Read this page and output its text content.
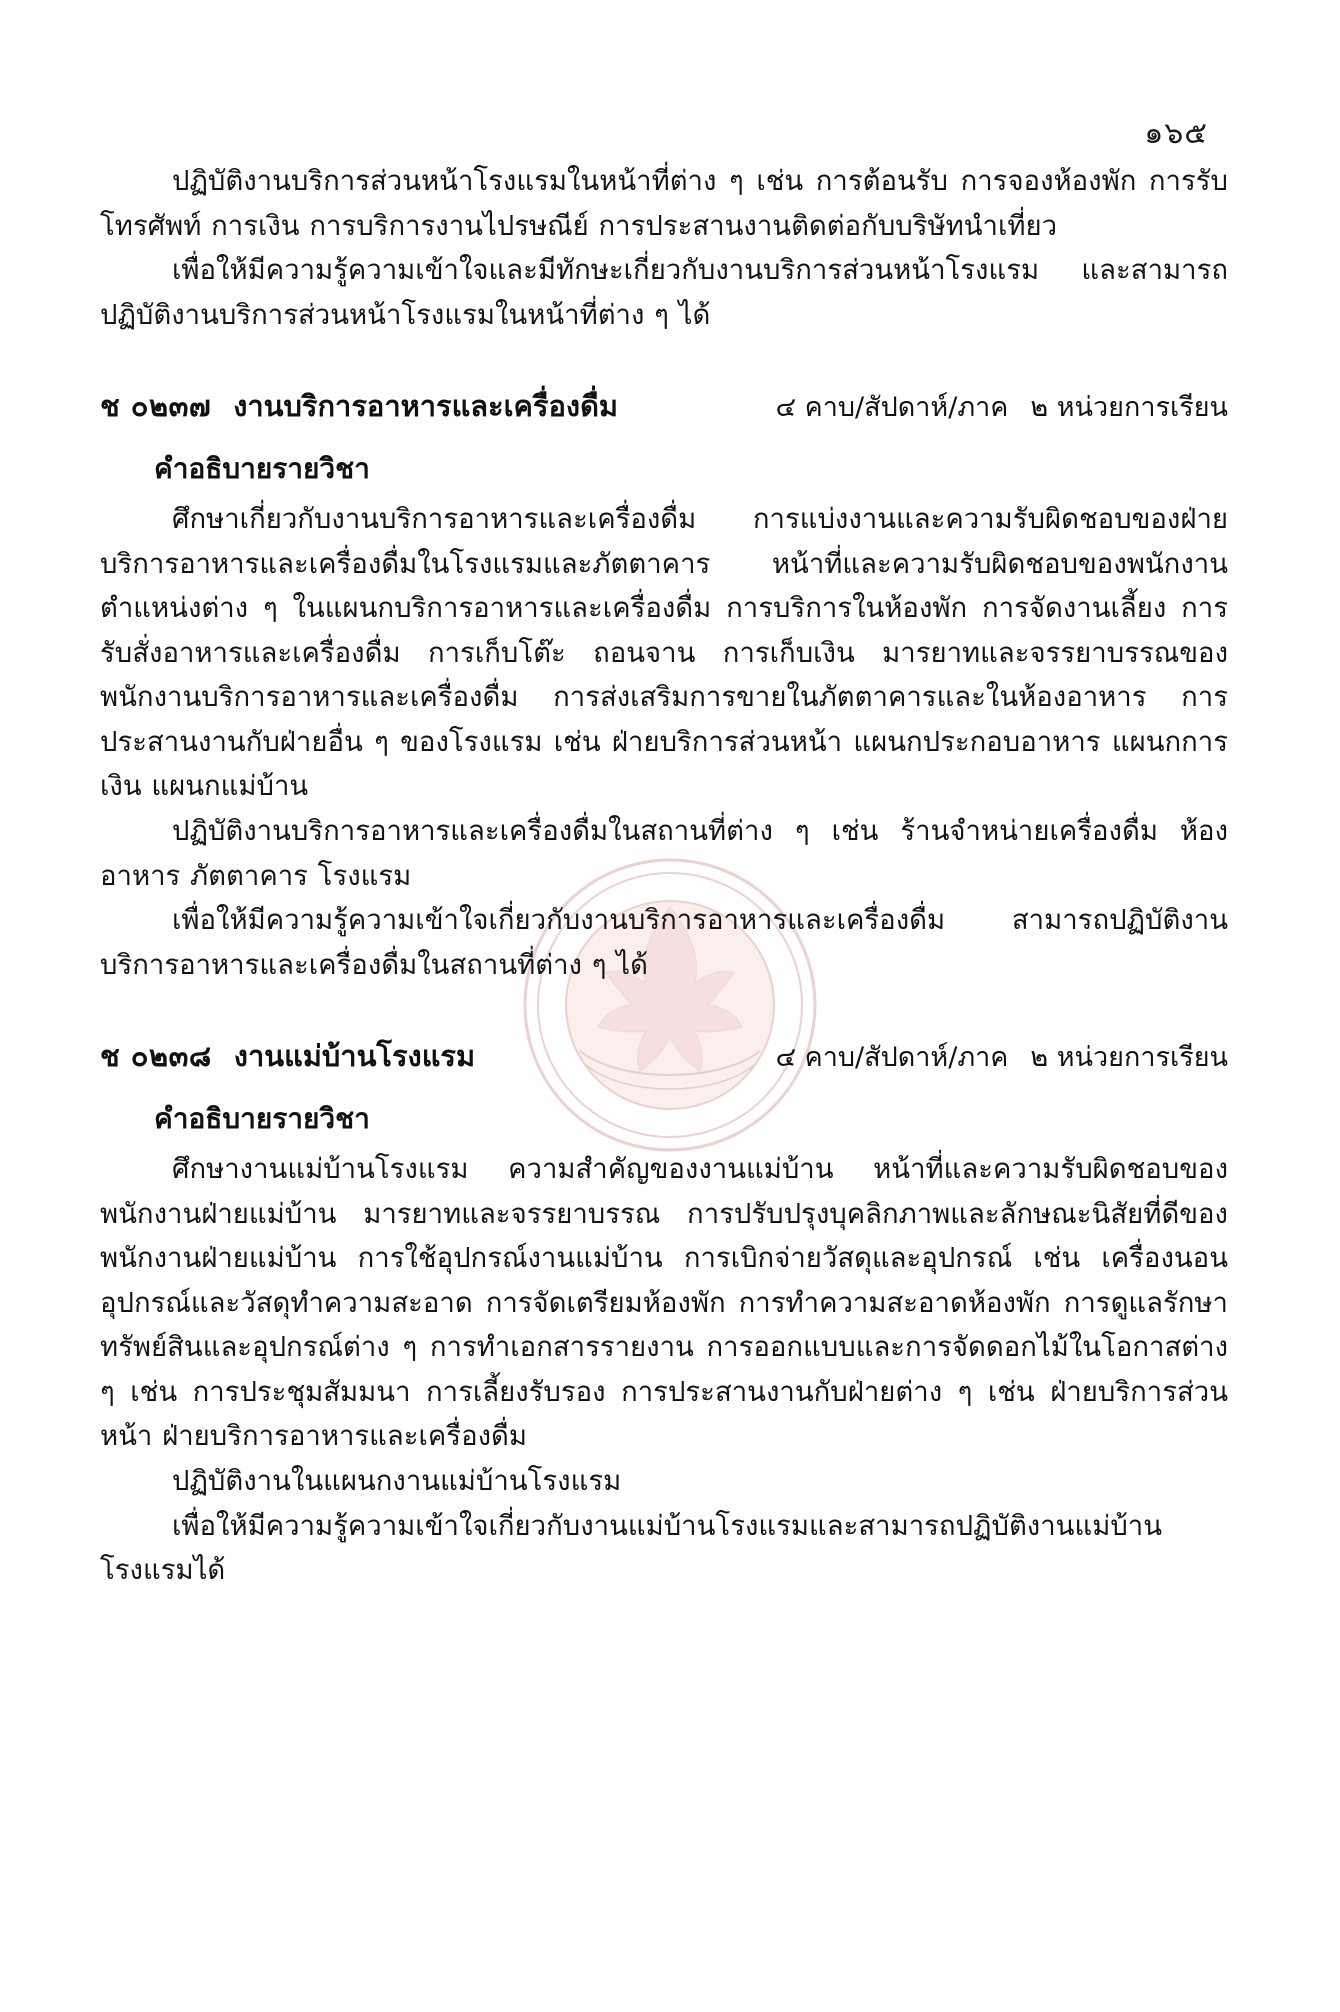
๑๖๕

ปฏิบัติงานบริการส่วนหน้าโรงแรมในหน้าที่ต่าง ๆ เช่น การต้อนรับ การจองห้องพัก การรับโทรศัพท์ การเงิน การบริการงานไปรษณีย์ การประสานงานติดต่อกับบริษัทนำเที่ยว

เพื่อให้มีความรู้ความเข้าใจและมีทักษะเกี่ยวกับงานบริการส่วนหน้าโรงแรม และสามารถปฏิบัติงานบริการส่วนหน้าโรงแรมในหน้าที่ต่าง ๆ ได้

ช ๐๒๓๗ งานบริการอาหารและเครื่องดื่ม	๔ คาบ/สัปดาห์/ภาค ๒ หน่วยการเรียน
คำอธิบายรายวิชา

ศึกษาเกี่ยวกับงานบริการอาหารและเครื่องดื่ม การแบ่งงานและความรับผิดชอบของฝ่ายบริการอาหารและเครื่องดื่มในโรงแรมและภัตตาคาร หน้าที่และความรับผิดชอบของพนักงานตำแหน่งต่าง ๆ ในแผนกบริการอาหารและเครื่องดื่ม การบริการในห้องพัก การจัดงานเลี้ยง การรับสั่งอาหารและเครื่องดื่ม การเก็บโต๊ะ ถอนจาน การเก็บเงิน มารยาทและจรรยาบรรณของพนักงานบริการอาหารและเครื่องดื่ม การส่งเสริมการขายในภัตตาคารและในห้องอาหาร การประสานงานกับฝ่ายอื่น ๆ ของโรงแรม เช่น ฝ่ายบริการส่วนหน้า แผนกประกอบอาหาร แผนกการเงิน แผนกแม่บ้าน

ปฏิบัติงานบริการอาหารและเครื่องดื่มในสถานที่ต่าง ๆ เช่น ร้านจำหน่ายเครื่องดื่ม ห้องอาหาร ภัตตาคาร โรงแรม

เพื่อให้มีความรู้ความเข้าใจเกี่ยวกับงานบริการอาหารและเครื่องดื่ม สามารถปฏิบัติงานบริการอาหารและเครื่องดื่มในสถานที่ต่าง ๆ ได้

ช ๐๒๓๘ งานแม่บ้านโรงแรม	๔ คาบ/สัปดาห์/ภาค ๒ หน่วยการเรียน
คำอธิบายรายวิชา

ศึกษางานแม่บ้านโรงแรม ความสำคัญของงานแม่บ้าน หน้าที่และความรับผิดชอบของพนักงานฝ่ายแม่บ้าน มารยาทและจรรยาบรรณ การปรับปรุงบุคลิกภาพและลักษณะนิสัยที่ดีของพนักงานฝ่ายแม่บ้าน การใช้อุปกรณ์งานแม่บ้าน การเบิกจ่ายวัสดุและอุปกรณ์ เช่น เครื่องนอน อุปกรณ์และวัสดุทำความสะอาด การจัดเตรียมห้องพัก การทำความสะอาดห้องพัก การดูแลรักษาทรัพย์สินและอุปกรณ์ต่าง ๆ การทำเอกสารรายงาน การออกแบบและการจัดดอกไม้ในโอกาสต่าง ๆ เช่น การประชุมสัมมนา การเลี้ยงรับรอง การประสานงานกับฝ่ายต่าง ๆ เช่น ฝ่ายบริการส่วนหน้า ฝ่ายบริการอาหารและเครื่องดื่ม

ปฏิบัติงานในแผนกงานแม่บ้านโรงแรม

เพื่อให้มีความรู้ความเข้าใจเกี่ยวกับงานแม่บ้านโรงแรมและสามารถปฏิบัติงานแม่บ้านโรงแรมได้
